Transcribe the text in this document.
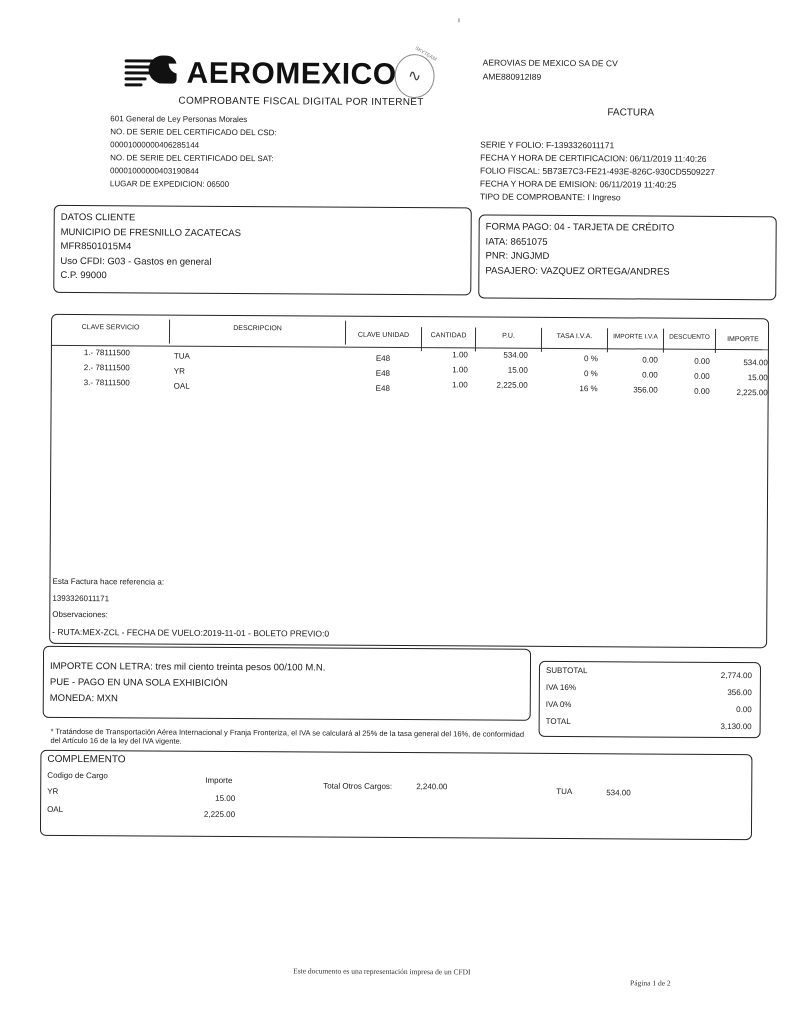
AEROMEXICO ∿
SKYTEAM
COMPROBANTE FISCAL DIGITAL POR INTERNET
601 General de Ley Personas Morales
NO. DE SERIE DEL CERTIFICADO DEL CSD:
00001000000406285144
NO. DE SERIE DEL CERTIFICADO DEL SAT:
00001000000403190844
LUGAR DE EXPEDICION: 06500
AEROVIAS DE MEXICO SA DE CV
AME880912I89
FACTURA
SERIE Y FOLIO: F-1393326011171
FECHA Y HORA DE CERTIFICACION: 06/11/2019 11:40:26
FOLIO FISCAL: 5B73E7C3-FE21-493E-826C-930CD5509227
FECHA Y HORA DE EMISION: 06/11/2019 11:40:25
TIPO DE COMPROBANTE: I Ingreso
DATOS CLIENTE
MUNICIPIO DE FRESNILLO ZACATECAS
MFR8501015M4
Uso CFDI: G03 - Gastos en general
C.P. 99000
FORMA PAGO: 04 - TARJETA DE CRÉDITO
IATA: 8651075
PNR: JNGJMD
PASAJERO: VAZQUEZ ORTEGA/ANDRES
CLAVE SERVICIO	DESCRIPCION
CLAVE UNIDAD	CANTIDAD	P.U.	TASA I.V.A.	IMPORTE I.V.A	DESCUENTO	IMPORTE
1.- 78111500	TUA	E48	1.00	534.00	0 %	0.00	0.00	534.00
2.- 78111500	YR	E48	1.00	15.00	0 %	0.00	0.00	15.00
3.- 78111500	OAL	E48	1.00	2,225.00	16 %	356.00	0.00	2,225.00
Esta Factura hace referencia a:
1393326011171
Observaciones:
- RUTA:MEX-ZCL - FECHA DE VUELO:2019-11-01 - BOLETO PREVIO:0
IMPORTE CON LETRA: tres mil ciento treinta pesos 00/100 M.N.
PUE - PAGO EN UNA SOLA EXHIBICIÓN
MONEDA: MXN
SUBTOTAL
2,774.00
IVA 16%
356.00
IVA 0%
0.00
TOTAL
3,130.00
* Tratándose de Transportación Aérea Internacional y Franja Fronteriza, el IVA se calculará al 25% de la tasa general del 16%, de conformidad del Artículo 16 de la ley del IVA vigente.
COMPLEMENTO
Codigo de Cargo
Importe
YR
15.00
OAL
2,225.00
Total Otros Cargos:	2,240.00
TUA	534.00
Este documento es una representación impresa de un CFDI
Página 1 de 2
